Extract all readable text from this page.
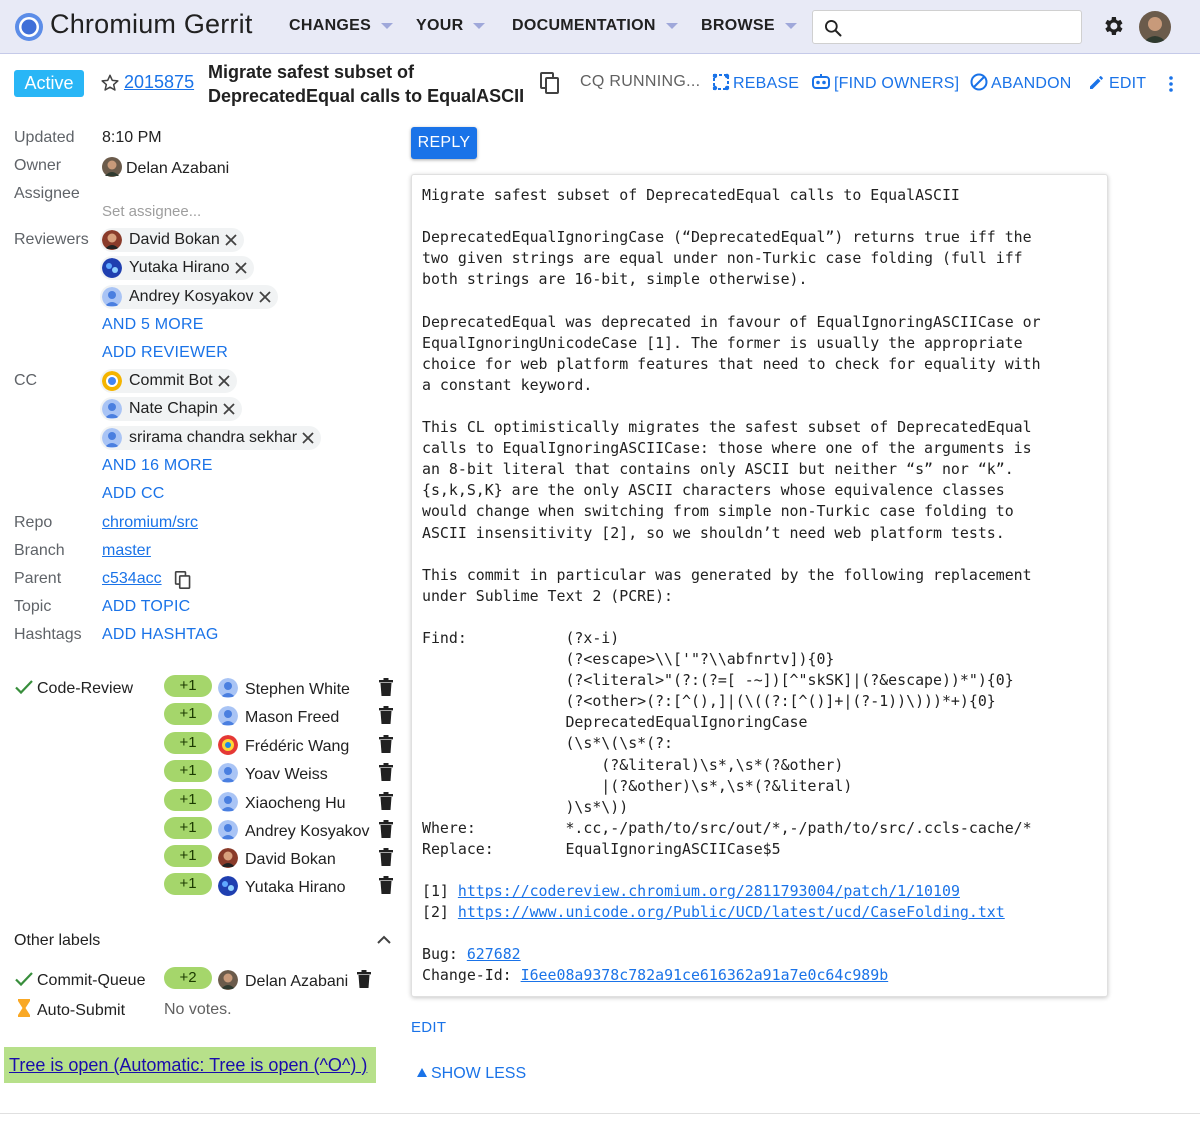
Chromium Gerrit CHANGES	YOUR	DOCUMENTATION	BROWSE
Active	2015875 Migrate safest subset of
DeprecatedEqual calls to EqualASCII
CQ RUNNING...	REBASE	[FIND OWNERS]	ABANDON	EDIT
Updated 8:10 PM
Owner	Delan Azabani
Assignee
Set assignee...
Reviewers	David Bokan
Yutaka Hirano
Andrey Kosyakov
AND 5 MORE
ADD REVIEWER
CC	Commit Bot
Nate Chapin
srirama chandra sekhar
AND 16 MORE
ADD CC
Repo	chromium/src
Branch master
Parent	c534acc
Topic	ADD TOPIC
Hashtags ADD HASHTAG
Code-Review	+1	Stephen White
+1	Mason Freed
+1	Frédéric Wang
+1	Yoav Weiss
+1	Xiaocheng Hu
+1	Andrey Kosyakov
+1	David Bokan
+1	Yutaka Hirano
Other labels
Commit-Queue	+2	Delan Azabani
Auto-Submit No votes.
Tree is open (Automatic: Tree is open (^O^) )
REPLY
Migrate safest subset of DeprecatedEqual calls to EqualASCII

DeprecatedEqualIgnoringCase (“DeprecatedEqual”) returns true iff the
two given strings are equal under non-Turkic case folding (full iff
both strings are 16-bit, simple otherwise).

DeprecatedEqual was deprecated in favour of EqualIgnoringASCIICase or
EqualIgnoringUnicodeCase [1]. The former is usually the appropriate
choice for web platform features that need to check for equality with
a constant keyword.

This CL optimistically migrates the safest subset of DeprecatedEqual
calls to EqualIgnoringASCIICase: those where one of the arguments is
an 8-bit literal that contains only ASCII but neither “s” nor “k”.
{s,k,S,K} are the only ASCII characters whose equivalence classes
would change when switching from simple non-Turkic case folding to
ASCII insensitivity [2], so we shouldn’t need web platform tests.

This commit in particular was generated by the following replacement
under Sublime Text 2 (PCRE):

Find:           (?x-i)
(?<escape>\\['"?\\abfnrtv]){0}
(?<literal>"(?:(?=[ -~])[^"skSK]|(?&escape))*"){0}
(?<other>(?:[^(),]|(\((?:[^()]+|(?-1))\)))*+){0}
DeprecatedEqualIgnoringCase
(\s*\(\s*(?:
(?&literal)\s*,\s*(?&other)
|(?&other)\s*,\s*(?&literal)
)\s*\))
Where:          *.cc,-/path/to/src/out/*,-/path/to/src/.ccls-cache/*
Replace:        EqualIgnoringASCIICase$5

[1] https://codereview.chromium.org/2811793004/patch/1/10109
[2] https://www.unicode.org/Public/UCD/latest/ucd/CaseFolding.txt

Bug: 627682
Change-Id: I6ee08a9378c782a91ce616362a91a7e0c64c989b
EDIT
SHOW LESS
